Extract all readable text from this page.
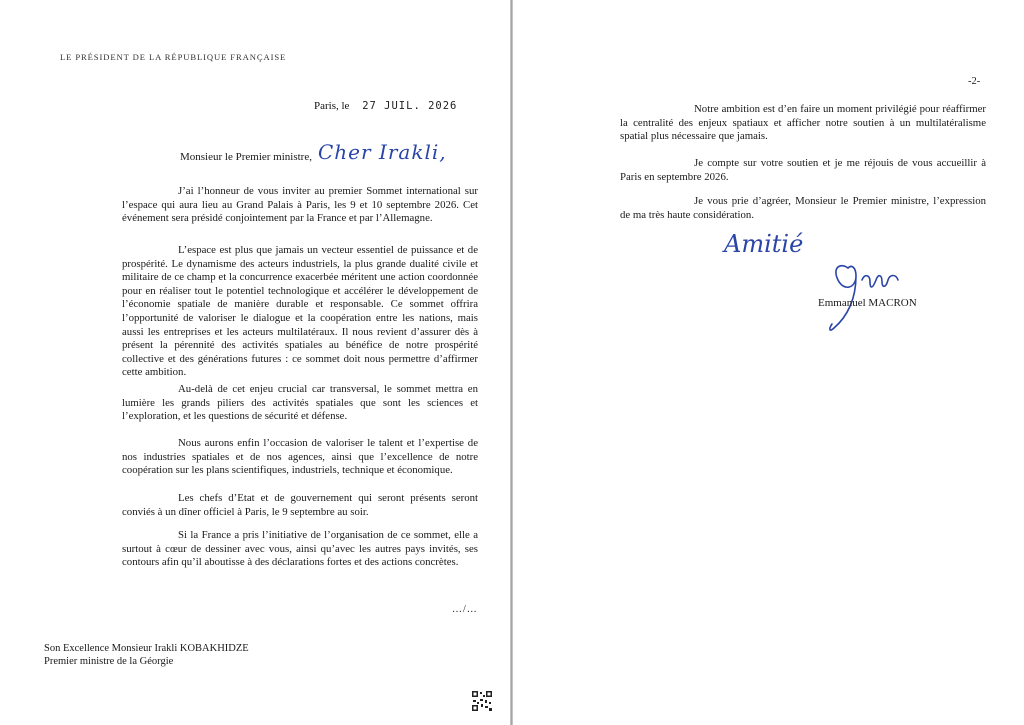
LE PRÉSIDENT DE LA RÉPUBLIQUE FRANÇAISE
Paris, le 27 JUIL. 2026
Monsieur le Premier ministre, Cher Irakli,

J’ai l’honneur de vous inviter au premier Sommet international sur l’espace qui aura lieu au Grand Palais à Paris, les 9 et 10 septembre 2026. Cet événement sera présidé conjointement par la France et par l’Allemagne.

L’espace est plus que jamais un vecteur essentiel de puissance et de prospérité. Le dynamisme des acteurs industriels, la plus grande dualité civile et militaire de ce champ et la concurrence exacerbée méritent une action coordonnée pour en réaliser tout le potentiel technologique et accélérer le développement de l’économie spatiale de manière durable et responsable. Ce sommet offrira l’opportunité de valoriser le dialogue et la coopération entre les nations, mais aussi les entreprises et les acteurs multilatéraux. Il nous revient d’assurer dès à présent la pérennité des activités spatiales au bénéfice de notre prospérité collective et des générations futures : ce sommet doit nous permettre d’affirmer cette ambition.

Au-delà de cet enjeu crucial car transversal, le sommet mettra en lumière les grands piliers des activités spatiales que sont les sciences et l’exploration, et les questions de sécurité et défense.

Nous aurons enfin l’occasion de valoriser le talent et l’expertise de nos industries spatiales et de nos agences, ainsi que l’excellence de notre coopération sur les plans scientifiques, industriels, technique et économique.

Les chefs d’Etat et de gouvernement qui seront présents seront conviés à un dîner officiel à Paris, le 9 septembre au soir.

Si la France a pris l’initiative de l’organisation de ce sommet, elle a surtout à cœur de dessiner avec vous, ainsi qu’avec les autres pays invités, ses contours afin qu’il aboutisse à des déclarations fortes et des actions concrètes.

…/…
Son Excellence Monsieur Irakli KOBAKHIDZE
Premier ministre de la Géorgie
-2-

Notre ambition est d’en faire un moment privilégié pour réaffirmer la centralité des enjeux spatiaux et afficher notre soutien à un multilatéralisme spatial plus nécessaire que jamais.

Je compte sur votre soutien et je me réjouis de vous accueillir à Paris en septembre 2026.

Je vous prie d’agréer, Monsieur le Premier ministre, l’expression de ma très haute considération.

Amitié
Emmanuel MACRON
